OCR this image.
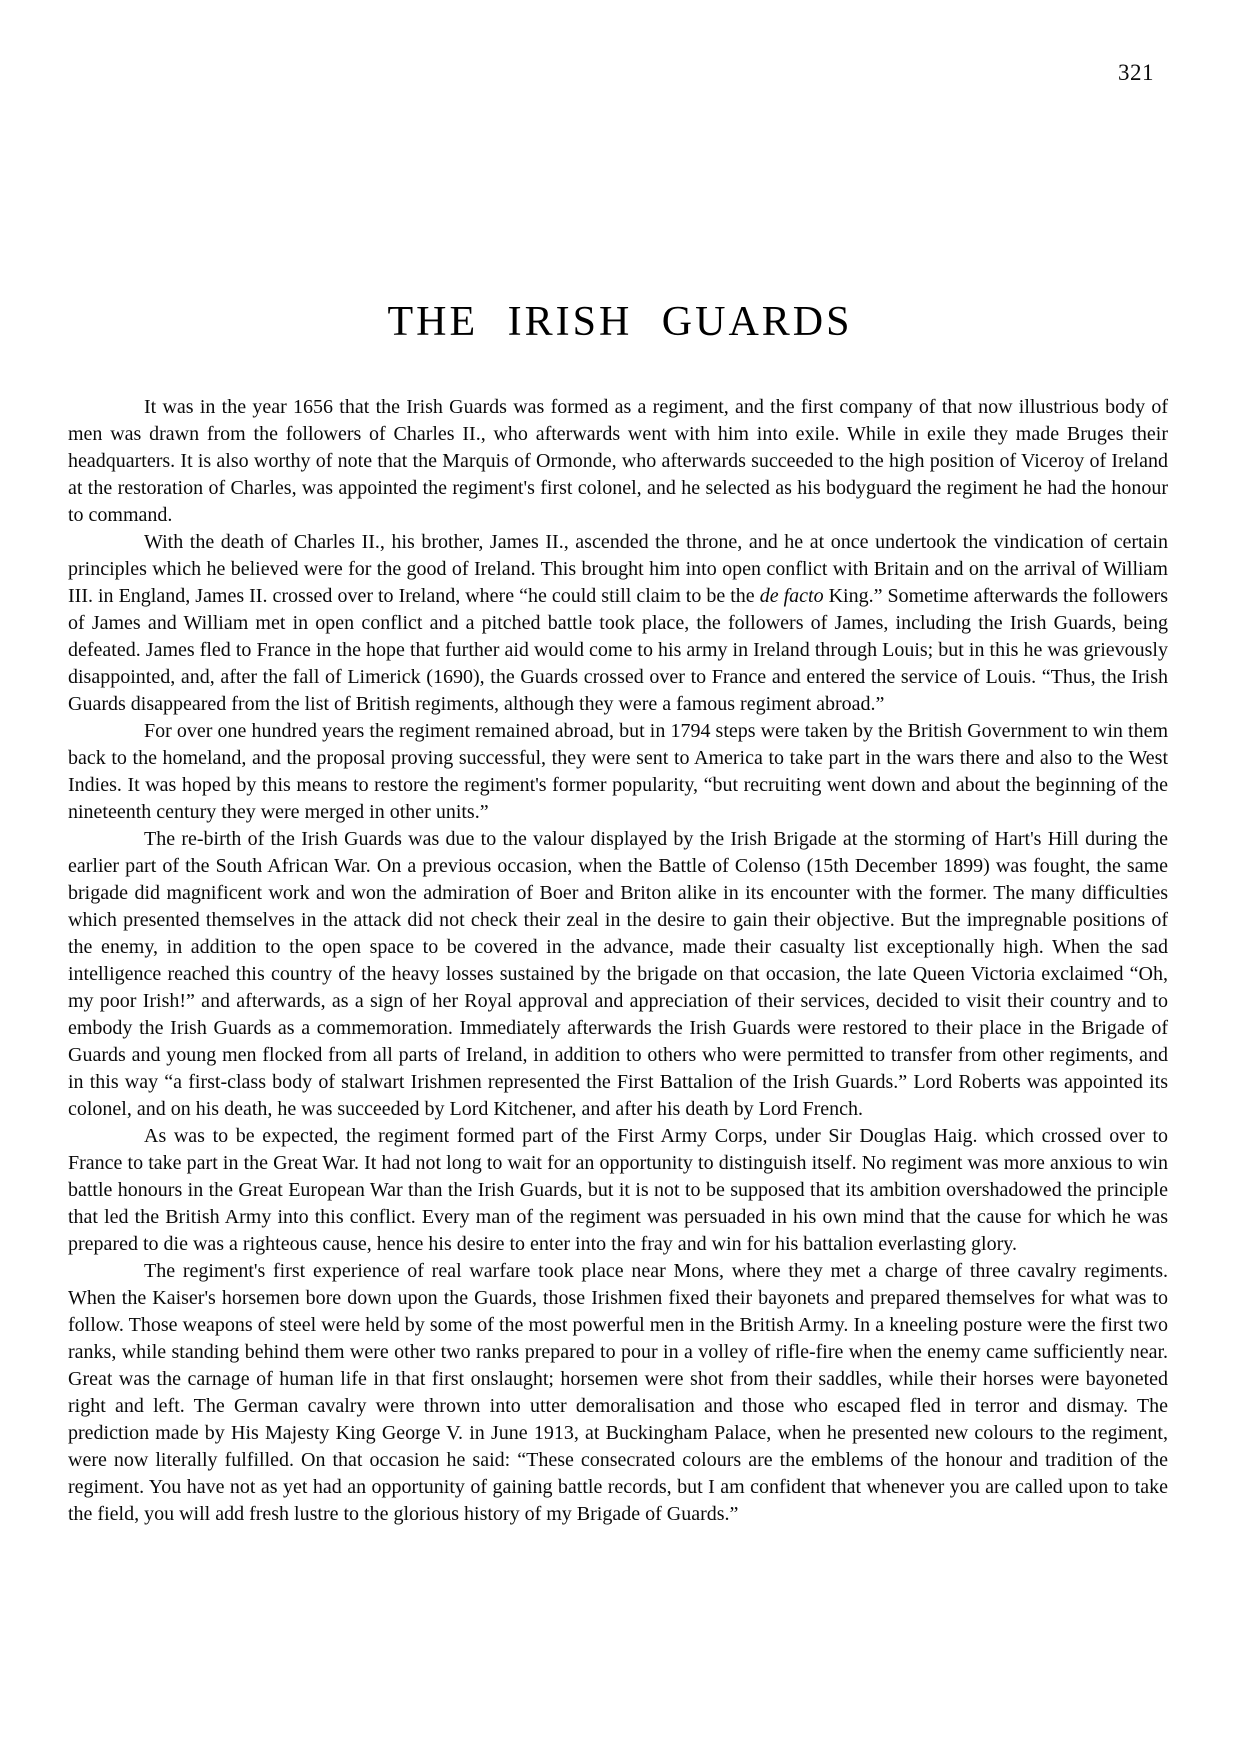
321
THE IRISH GUARDS

It was in the year 1656 that the Irish Guards was formed as a regiment, and the first company of that now illustrious body of men was drawn from the followers of Charles II., who afterwards went with him into exile. While in exile they made Bruges their headquarters. It is also worthy of note that the Marquis of Ormonde, who afterwards succeeded to the high position of Viceroy of Ireland at the restoration of Charles, was appointed the regiment's first colonel, and he selected as his bodyguard the regiment he had the honour to command.

With the death of Charles II., his brother, James II., ascended the throne, and he at once undertook the vindication of certain principles which he believed were for the good of Ireland. This brought him into open conflict with Britain and on the arrival of William III. in England, James II. crossed over to Ireland, where “he could still claim to be the de facto King.” Sometime afterwards the followers of James and William met in open conflict and a pitched battle took place, the followers of James, including the Irish Guards, being defeated. James fled to France in the hope that further aid would come to his army in Ireland through Louis; but in this he was grievously disappointed, and, after the fall of Limerick (1690), the Guards crossed over to France and entered the service of Louis. “Thus, the Irish Guards disappeared from the list of British regiments, although they were a famous regiment abroad.”

For over one hundred years the regiment remained abroad, but in 1794 steps were taken by the British Government to win them back to the homeland, and the proposal proving successful, they were sent to America to take part in the wars there and also to the West Indies. It was hoped by this means to restore the regiment's former popularity, “but recruiting went down and about the beginning of the nineteenth century they were merged in other units.”

The re-birth of the Irish Guards was due to the valour displayed by the Irish Brigade at the storming of Hart's Hill during the earlier part of the South African War. On a previous occasion, when the Battle of Colenso (15th December 1899) was fought, the same brigade did magnificent work and won the admiration of Boer and Briton alike in its encounter with the former. The many difficulties which presented themselves in the attack did not check their zeal in the desire to gain their objective. But the impregnable positions of the enemy, in addition to the open space to be covered in the advance, made their casualty list exceptionally high. When the sad intelligence reached this country of the heavy losses sustained by the brigade on that occasion, the late Queen Victoria exclaimed “Oh, my poor Irish!” and afterwards, as a sign of her Royal approval and appreciation of their services, decided to visit their country and to embody the Irish Guards as a commemoration. Immediately afterwards the Irish Guards were restored to their place in the Brigade of Guards and young men flocked from all parts of Ireland, in addition to others who were permitted to transfer from other regiments, and in this way “a first-class body of stalwart Irishmen represented the First Battalion of the Irish Guards.” Lord Roberts was appointed its colonel, and on his death, he was succeeded by Lord Kitchener, and after his death by Lord French.

As was to be expected, the regiment formed part of the First Army Corps, under Sir Douglas Haig. which crossed over to France to take part in the Great War. It had not long to wait for an opportunity to distinguish itself. No regiment was more anxious to win battle honours in the Great European War than the Irish Guards, but it is not to be supposed that its ambition overshadowed the principle that led the British Army into this conflict. Every man of the regiment was persuaded in his own mind that the cause for which he was prepared to die was a righteous cause, hence his desire to enter into the fray and win for his battalion everlasting glory.

The regiment's first experience of real warfare took place near Mons, where they met a charge of three cavalry regiments. When the Kaiser's horsemen bore down upon the Guards, those Irishmen fixed their bayonets and prepared themselves for what was to follow. Those weapons of steel were held by some of the most powerful men in the British Army. In a kneeling posture were the first two ranks, while standing behind them were other two ranks prepared to pour in a volley of rifle-fire when the enemy came sufficiently near. Great was the carnage of human life in that first onslaught; horsemen were shot from their saddles, while their horses were bayoneted right and left. The German cavalry were thrown into utter demoralisation and those who escaped fled in terror and dismay. The prediction made by His Majesty King George V. in June 1913, at Buckingham Palace, when he presented new colours to the regiment, were now literally fulfilled. On that occasion he said: “These consecrated colours are the emblems of the honour and tradition of the regiment. You have not as yet had an opportunity of gaining battle records, but I am confident that whenever you are called upon to take the field, you will add fresh lustre to the glorious history of my Brigade of Guards.”
